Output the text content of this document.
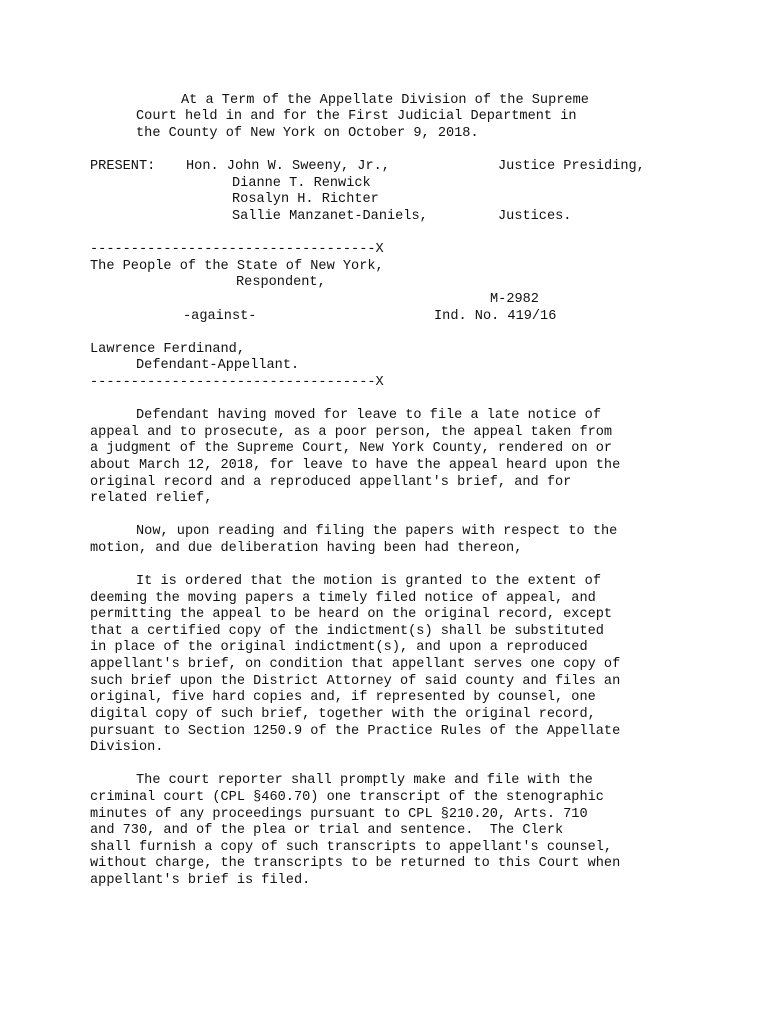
At a Term of the Appellate Division of the Supreme
Court held in and for the First Judicial Department in
the County of New York on October 9, 2018.
PRESENT: Hon. John W. Sweeny, Jr.,	Justice Presiding,
Dianne T. Renwick
Rosalyn H. Richter
Sallie Manzanet-Daniels,	Justices.
-----------------------------------X
The People of the State of New York,
Respondent,
M-2982
-against-	Ind. No. 419/16
Lawrence Ferdinand,
Defendant-Appellant.
-----------------------------------X
Defendant having moved for leave to file a late notice of
appeal and to prosecute, as a poor person, the appeal taken from
a judgment of the Supreme Court, New York County, rendered on or
about March 12, 2018, for leave to have the appeal heard upon the
original record and a reproduced appellant's brief, and for
related relief,
Now, upon reading and filing the papers with respect to the
motion, and due deliberation having been had thereon,
It is ordered that the motion is granted to the extent of
deeming the moving papers a timely filed notice of appeal, and
permitting the appeal to be heard on the original record, except
that a certified copy of the indictment(s) shall be substituted
in place of the original indictment(s), and upon a reproduced
appellant's brief, on condition that appellant serves one copy of
such brief upon the District Attorney of said county and files an
original, five hard copies and, if represented by counsel, one
digital copy of such brief, together with the original record,
pursuant to Section 1250.9 of the Practice Rules of the Appellate
Division.
The court reporter shall promptly make and file with the
criminal court (CPL §460.70) one transcript of the stenographic
minutes of any proceedings pursuant to CPL §210.20, Arts. 710
and 730, and of the plea or trial and sentence.  The Clerk
shall furnish a copy of such transcripts to appellant's counsel,
without charge, the transcripts to be returned to this Court when
appellant's brief is filed.
